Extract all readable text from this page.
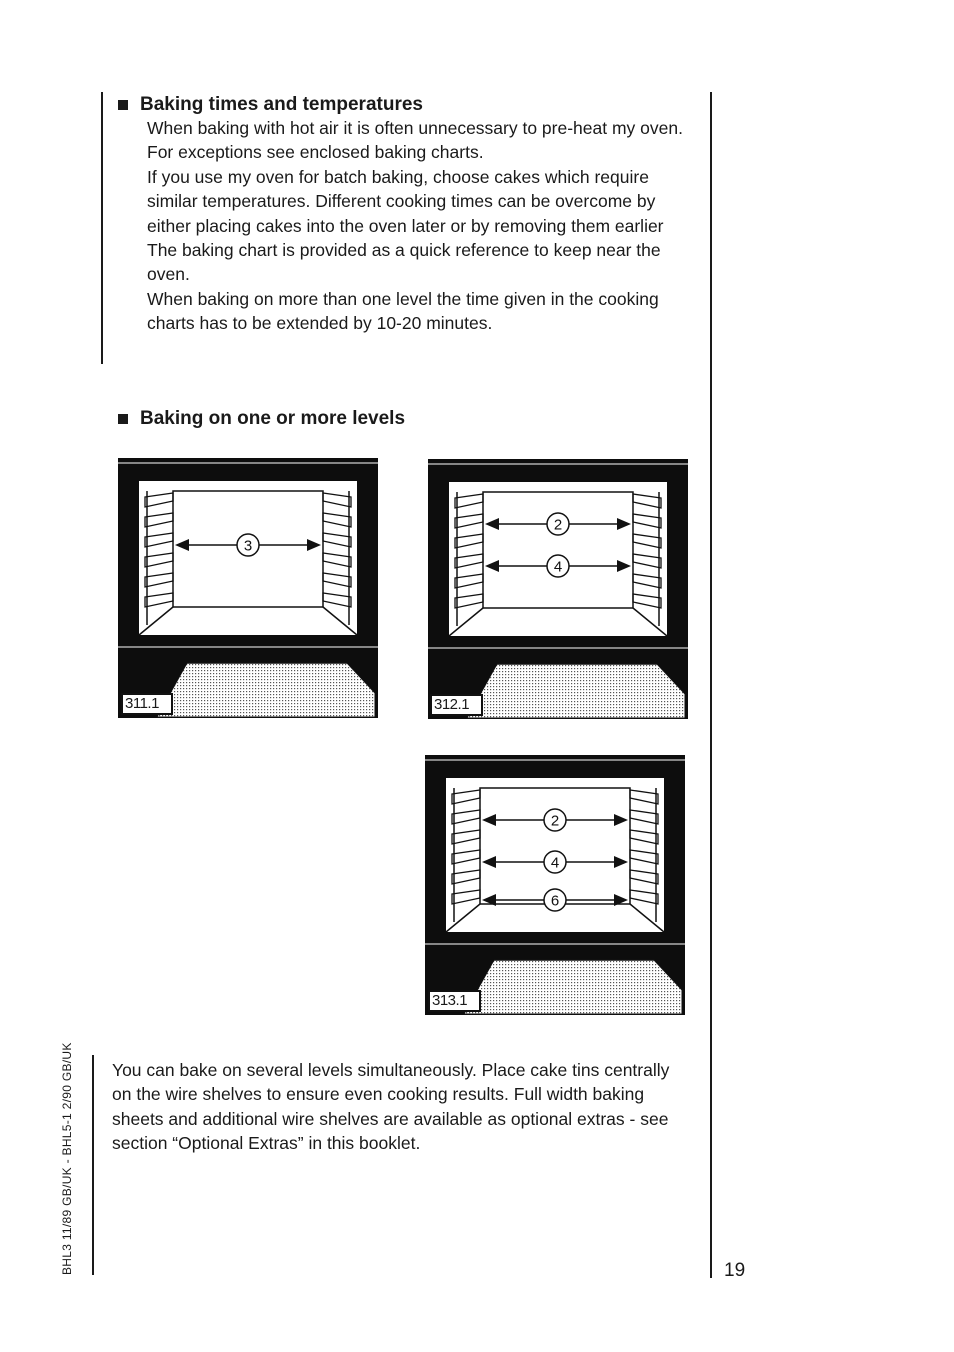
BHL3 11/89 GB/UK - BHL5-1 2/90 GB/UK
Baking times and temperatures

When baking with hot air it is often unnecessary to pre-heat my oven. For exceptions see enclosed baking charts.

If you use my oven for batch baking, choose cakes which require similar temperatures. Different cooking times can be overcome by either placing cakes into the oven later or by removing them earlier

The baking chart is provided as a quick reference to keep near the oven.

When baking on more than one level the time given in the cooking charts has to be extended by 10-20 minutes.

Baking on one or more levels
3
311.1
2
4
312.1
2
4
6
313.1
You can bake on several levels simultaneously. Place cake tins centrally on the wire shelves to ensure even cooking results. Full width baking sheets and additional wire shelves are available as optional extras - see section “Optional Extras” in this booklet.
19
